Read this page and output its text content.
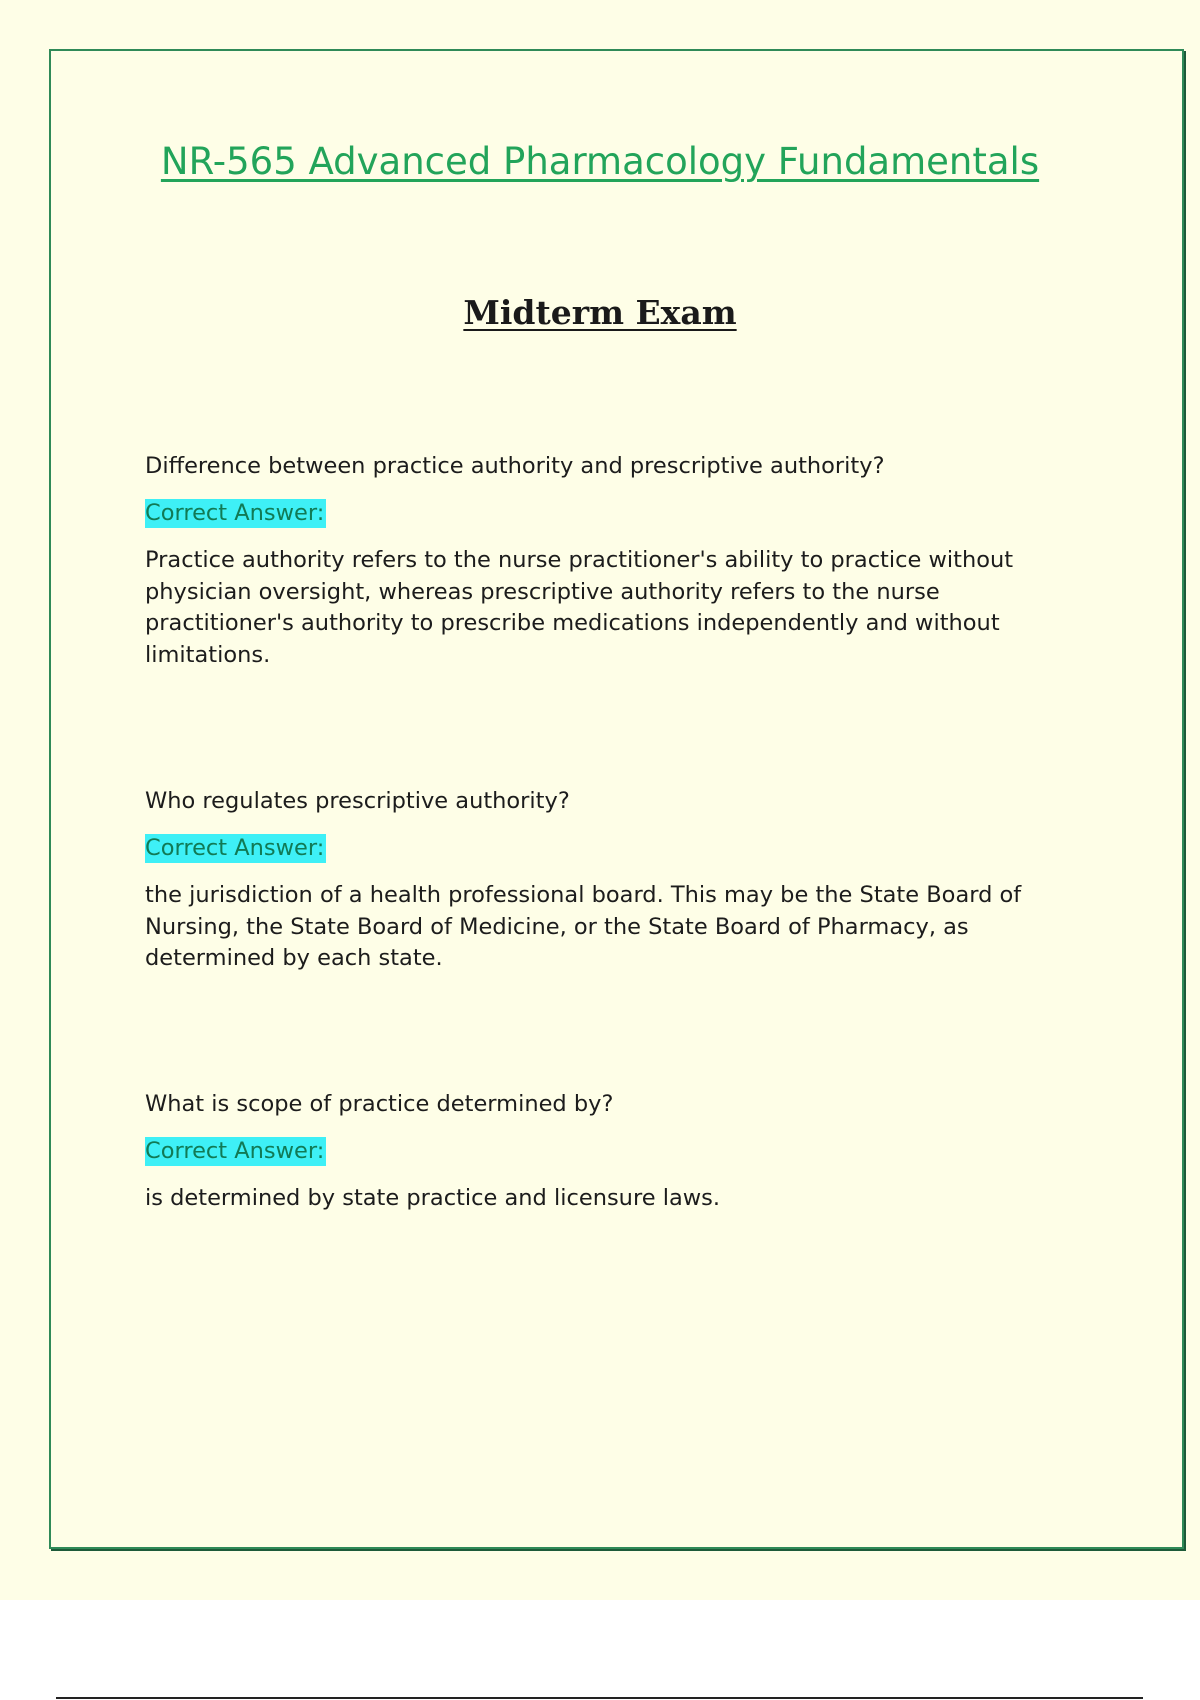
NR-565 Advanced Pharmacology Fundamentals
Midterm Exam

Difference between practice authority and prescriptive authority?

Correct Answer:

Practice authority refers to the nurse practitioner's ability to practice without physician oversight, whereas prescriptive authority refers to the nurse practitioner's authority to prescribe medications independently and without limitations.

Who regulates prescriptive authority?

Correct Answer:

the jurisdiction of a health professional board. This may be the State Board of Nursing, the State Board of Medicine, or the State Board of Pharmacy, as determined by each state.

What is scope of practice determined by?

Correct Answer:

is determined by state practice and licensure laws.
